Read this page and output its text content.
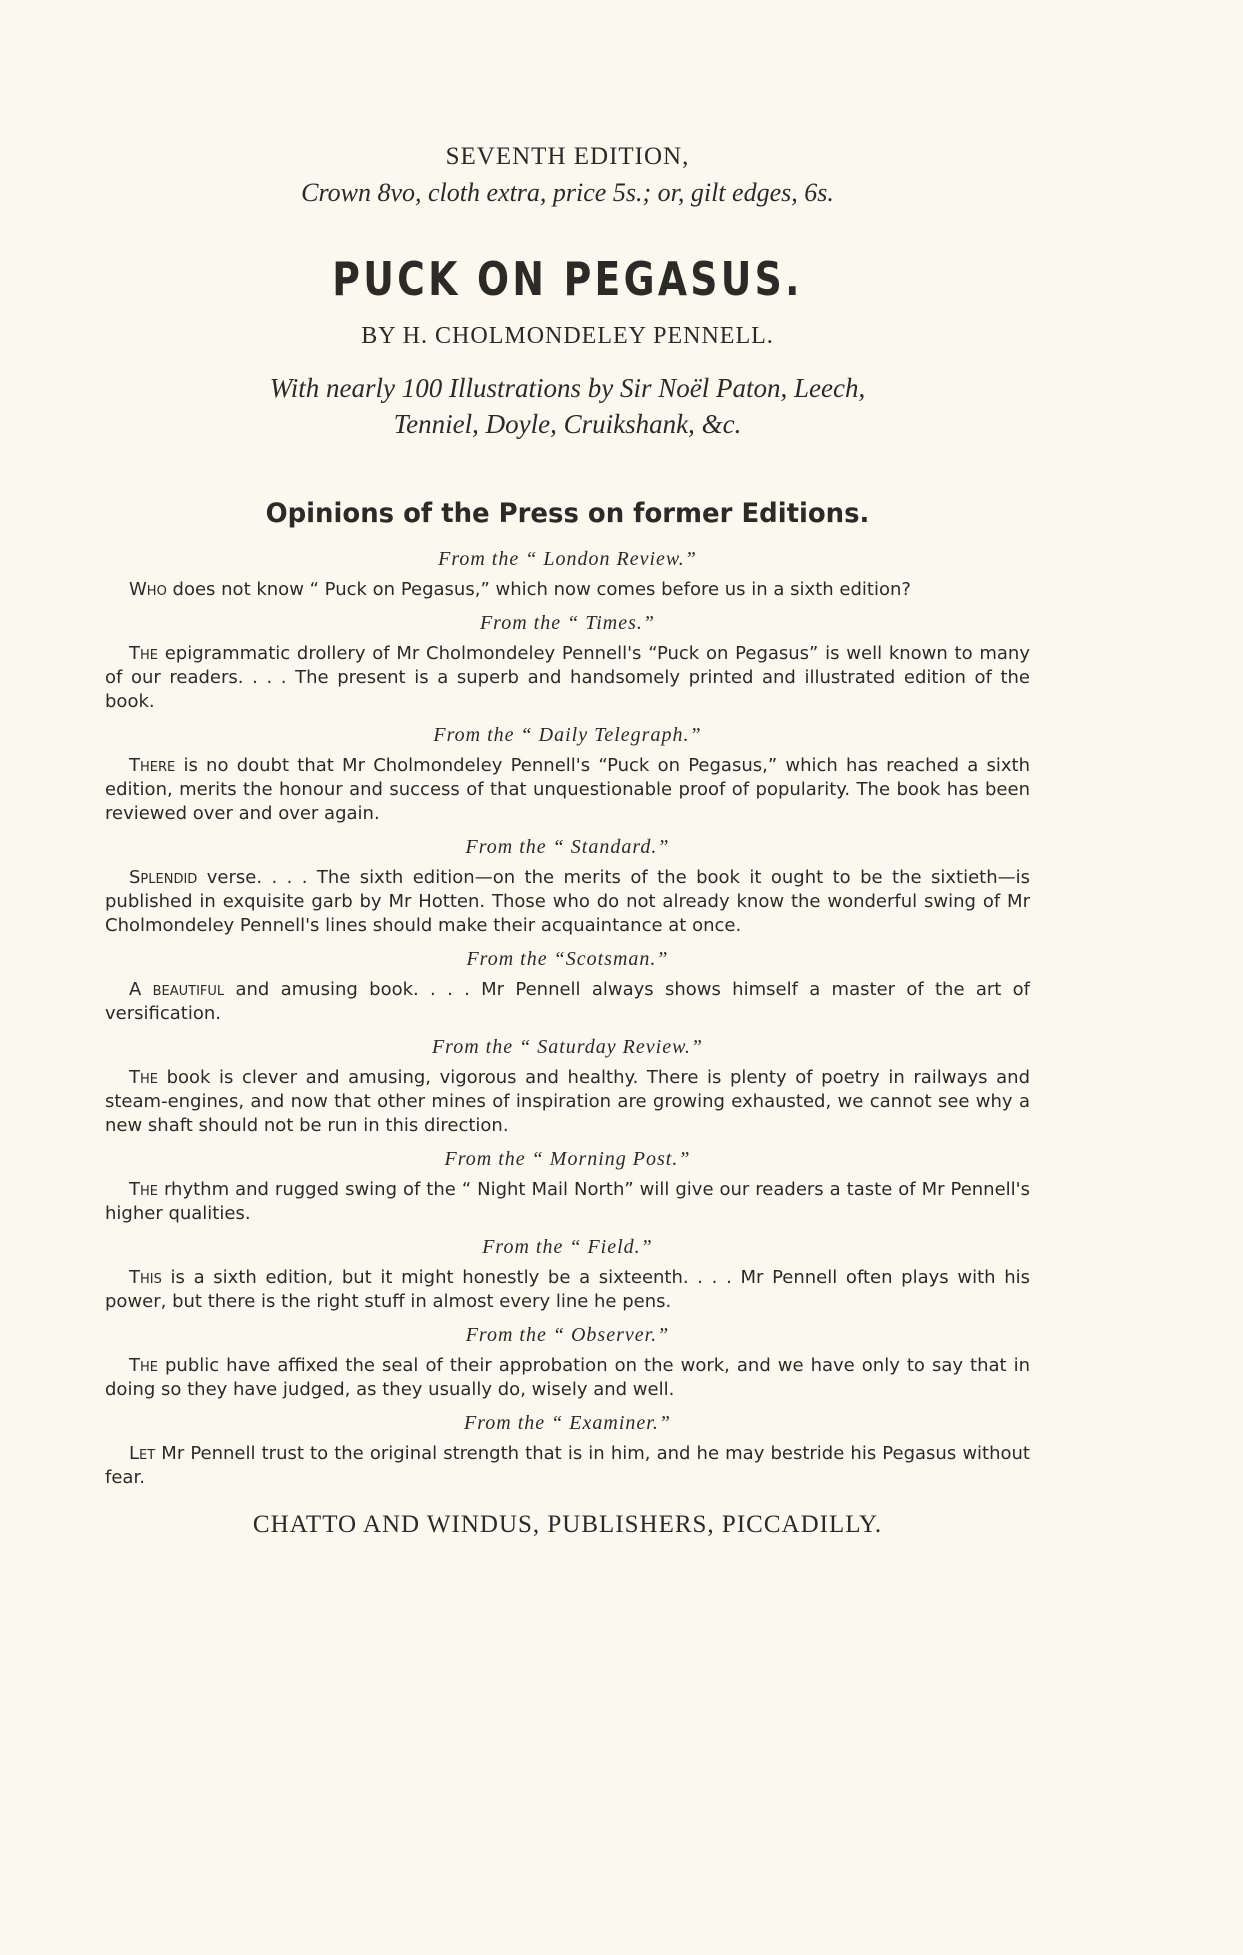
SEVENTH EDITION,

Crown 8vo, cloth extra, price 5s.; or, gilt edges, 6s.

PUCK ON PEGASUS.

BY H. CHOLMONDELEY PENNELL.

With nearly 100 Illustrations by Sir Noël Paton, Leech,
Tenniel, Doyle, Cruikshank, &c.

Opinions of the Press on former Editions.

From the “ London Review.”

Who does not know “ Puck on Pegasus,” which now comes before us in a sixth edition?

From the “ Times.”

The epigrammatic drollery of Mr Cholmondeley Pennell's “Puck on Pegasus” is well known to many of our readers. . . . The present is a superb and handsomely printed and illustrated edition of the book.

From the “ Daily Telegraph.”

There is no doubt that Mr Cholmondeley Pennell's “Puck on Pegasus,” which has reached a sixth edition, merits the honour and success of that unquestionable proof of popularity. The book has been reviewed over and over again.

From the “ Standard.”

Splendid verse. . . . The sixth edition—on the merits of the book it ought to be the sixtieth—is published in exquisite garb by Mr Hotten. Those who do not already know the wonderful swing of Mr Cholmondeley Pennell's lines should make their acquaintance at once.

From the “Scotsman.”

A beautiful and amusing book. . . . Mr Pennell always shows himself a master of the art of versification.

From the “ Saturday Review.”

The book is clever and amusing, vigorous and healthy. There is plenty of poetry in railways and steam-engines, and now that other mines of inspiration are growing exhausted, we cannot see why a new shaft should not be run in this direction.

From the “ Morning Post.”

The rhythm and rugged swing of the “ Night Mail North” will give our readers a taste of Mr Pennell's higher qualities.

From the “ Field.”

This is a sixth edition, but it might honestly be a sixteenth. . . . Mr Pennell often plays with his power, but there is the right stuff in almost every line he pens.

From the “ Observer.”

The public have affixed the seal of their approbation on the work, and we have only to say that in doing so they have judged, as they usually do, wisely and well.

From the “ Examiner.”

Let Mr Pennell trust to the original strength that is in him, and he may bestride his Pegasus without fear.

CHATTO AND WINDUS, PUBLISHERS, PICCADILLY.
